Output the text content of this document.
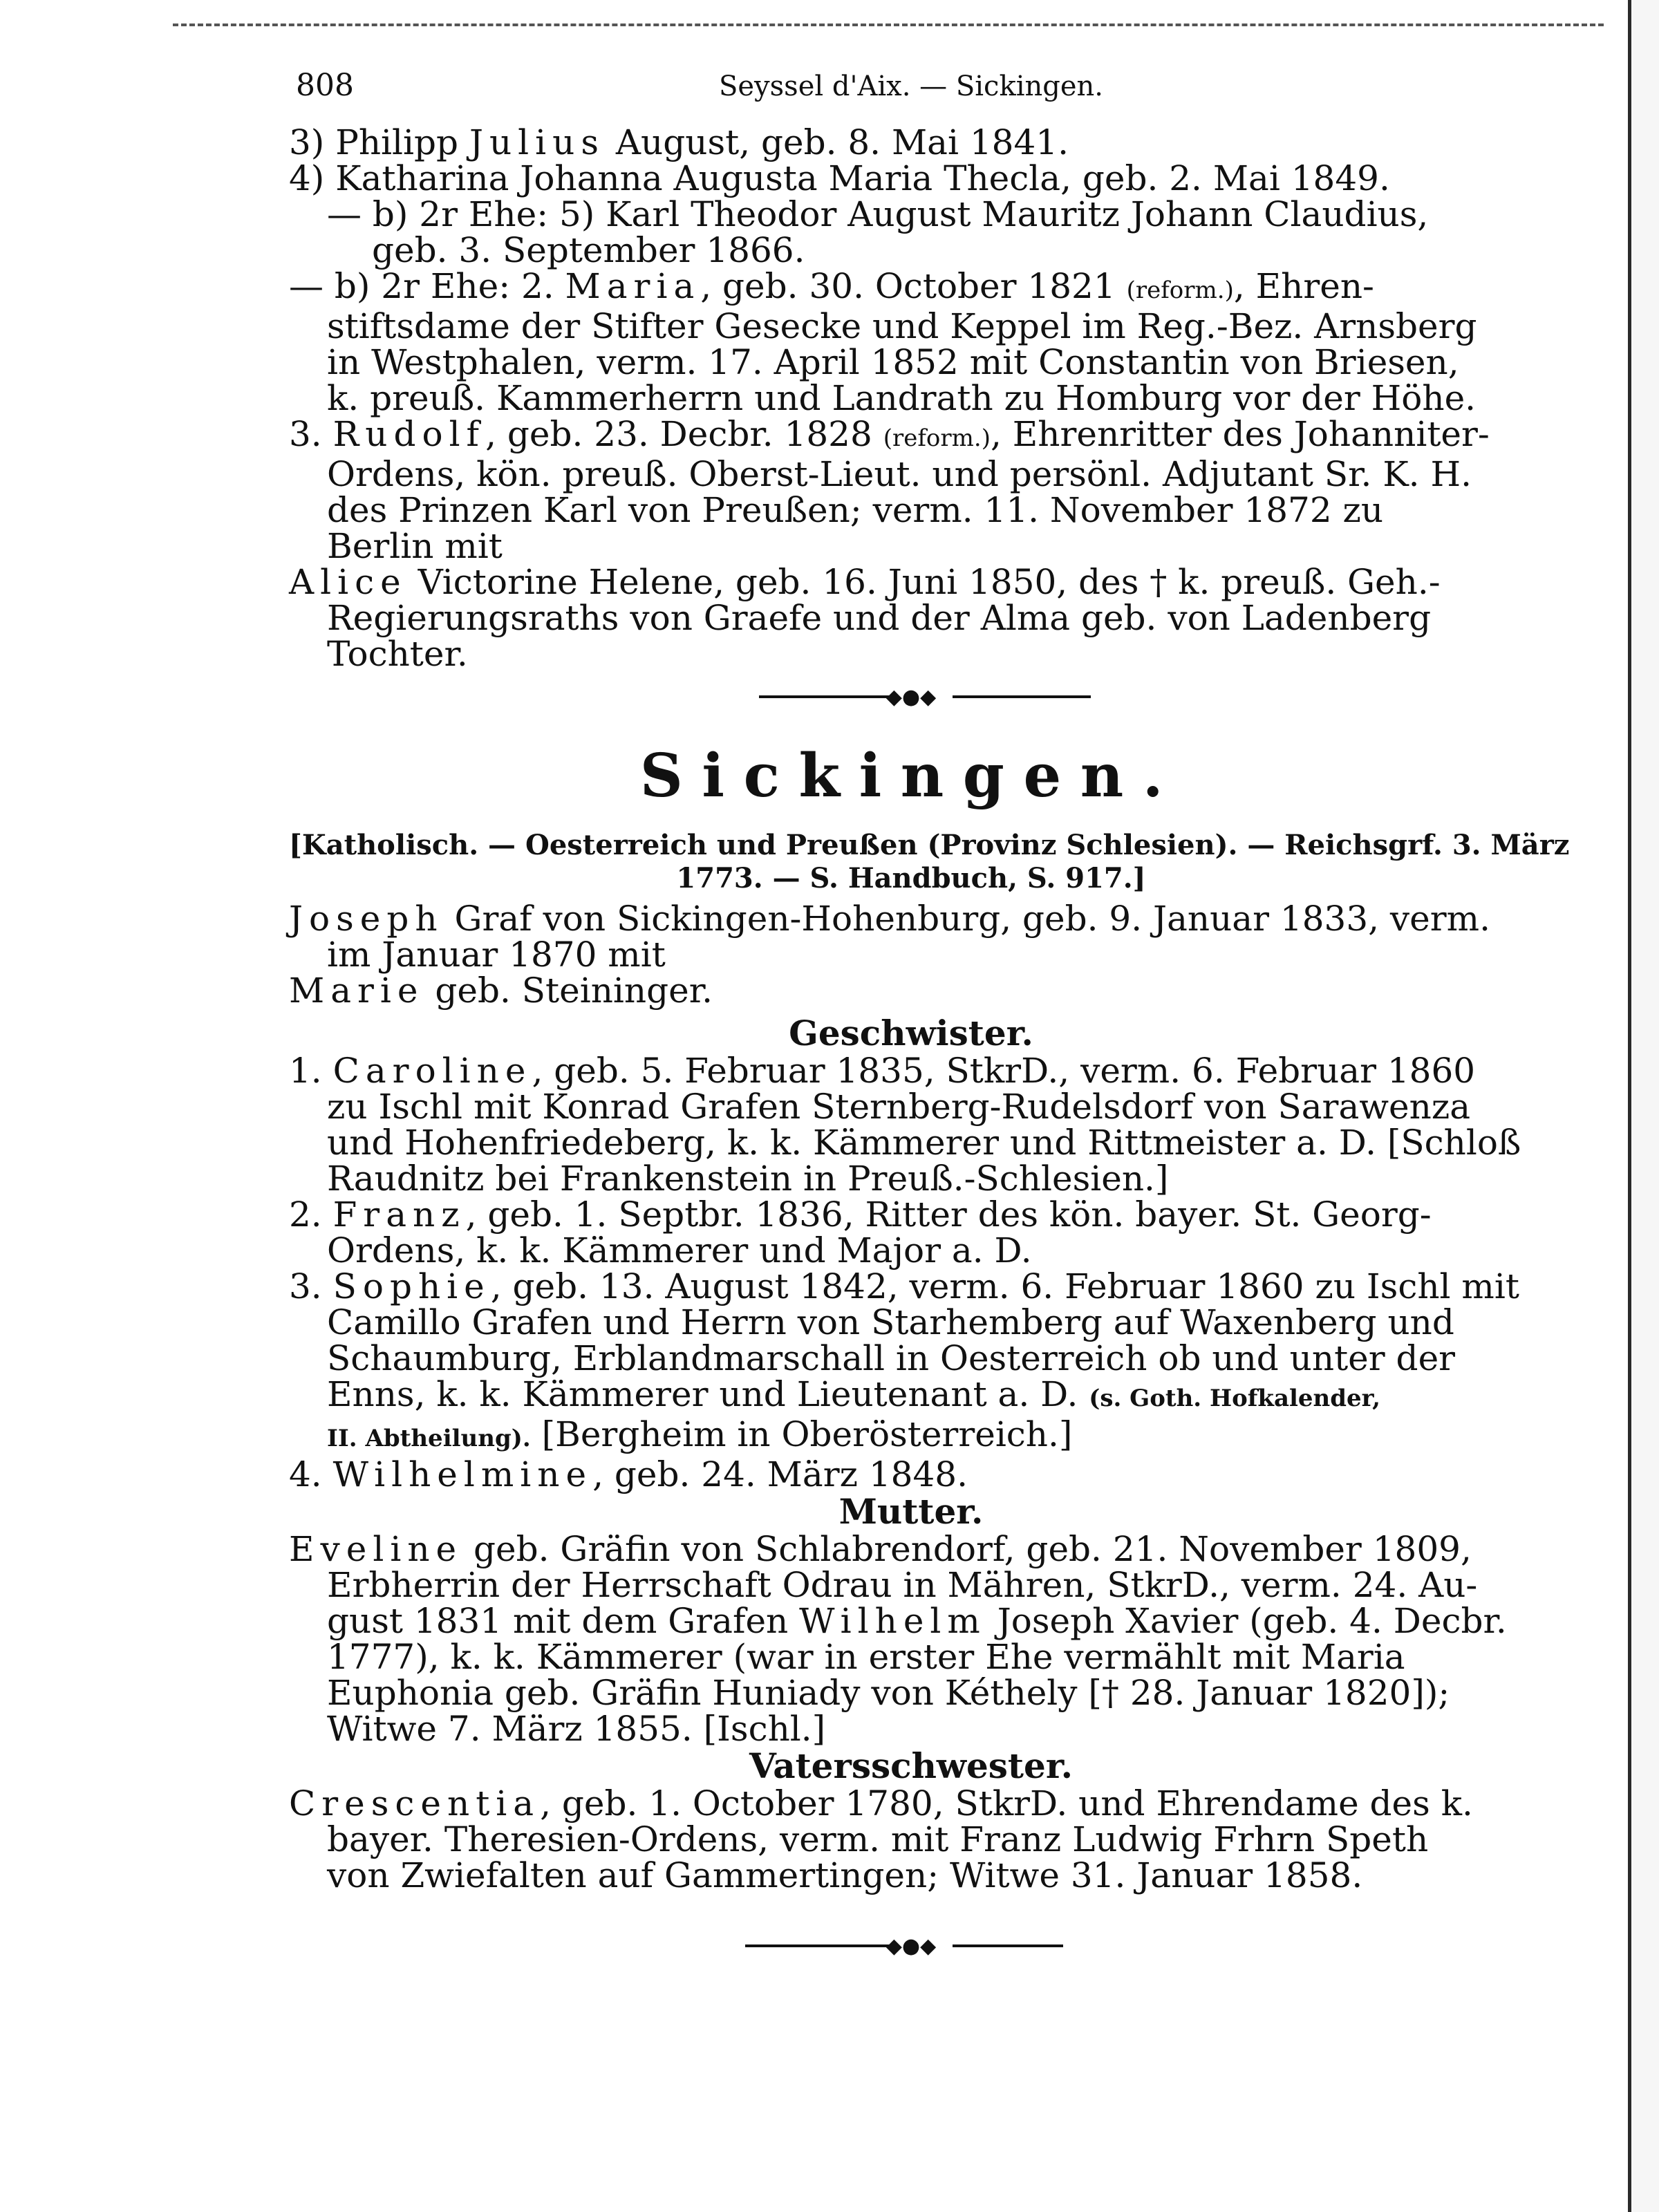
808	Seyssel d'Aix. — Sickingen.
3) Philipp Julius August, geb. 8. Mai 1841.
4) Katharina Johanna Augusta Maria Thecla, geb. 2. Mai 1849.
— b) 2r Ehe: 5) Karl Theodor August Mauritz Johann Claudius,
geb. 3. September 1866.
— b) 2r Ehe: 2. Maria, geb. 30. October 1821 (reform.), Ehren-
stiftsdame der Stifter Gesecke und Keppel im Reg.-Bez. Arnsberg
in Westphalen, verm. 17. April 1852 mit Constantin von Briesen,
k. preuß. Kammerherrn und Landrath zu Homburg vor der Höhe.
3. Rudolf, geb. 23. Decbr. 1828 (reform.), Ehrenritter des Johanniter-
Ordens, kön. preuß. Oberst-Lieut. und persönl. Adjutant Sr. K. H.
des Prinzen Karl von Preußen; verm. 11. November 1872 zu
Berlin mit
Alice Victorine Helene, geb. 16. Juni 1850, des † k. preuß. Geh.-
Regierungsraths von Graefe und der Alma geb. von Ladenberg
Tochter.
◆●◆
Sickingen.
[Katholisch. — Oesterreich und Preußen (Provinz Schlesien). — Reichsgrf. 3. März
1773. — S. Handbuch, S. 917.]
Joseph Graf von Sickingen-Hohenburg, geb. 9. Januar 1833, verm.
im Januar 1870 mit
Marie geb. Steininger.
Geschwister.
1. Caroline, geb. 5. Februar 1835, StkrD., verm. 6. Februar 1860
zu Ischl mit Konrad Grafen Sternberg-Rudelsdorf von Sarawenza
und Hohenfriedeberg, k. k. Kämmerer und Rittmeister a. D. [Schloß
Raudnitz bei Frankenstein in Preuß.-Schlesien.]
2. Franz, geb. 1. Septbr. 1836, Ritter des kön. bayer. St. Georg-
Ordens, k. k. Kämmerer und Major a. D.
3. Sophie, geb. 13. August 1842, verm. 6. Februar 1860 zu Ischl mit
Camillo Grafen und Herrn von Starhemberg auf Waxenberg und
Schaumburg, Erblandmarschall in Oesterreich ob und unter der
Enns, k. k. Kämmerer und Lieutenant a. D. (s. Goth. Hofkalender,
II. Abtheilung). [Bergheim in Oberösterreich.]
4. Wilhelmine, geb. 24. März 1848.
Mutter.
Eveline geb. Gräfin von Schlabrendorf, geb. 21. November 1809,
Erbherrin der Herrschaft Odrau in Mähren, StkrD., verm. 24. Au-
gust 1831 mit dem Grafen Wilhelm Joseph Xavier (geb. 4. Decbr.
1777), k. k. Kämmerer (war in erster Ehe vermählt mit Maria
Euphonia geb. Gräfin Huniady von Kéthely [† 28. Januar 1820]);
Witwe 7. März 1855. [Ischl.]
Vatersschwester.
Crescentia, geb. 1. October 1780, StkrD. und Ehrendame des k.
bayer. Theresien-Ordens, verm. mit Franz Ludwig Frhrn Speth
von Zwiefalten auf Gammertingen; Witwe 31. Januar 1858.
◆●◆
